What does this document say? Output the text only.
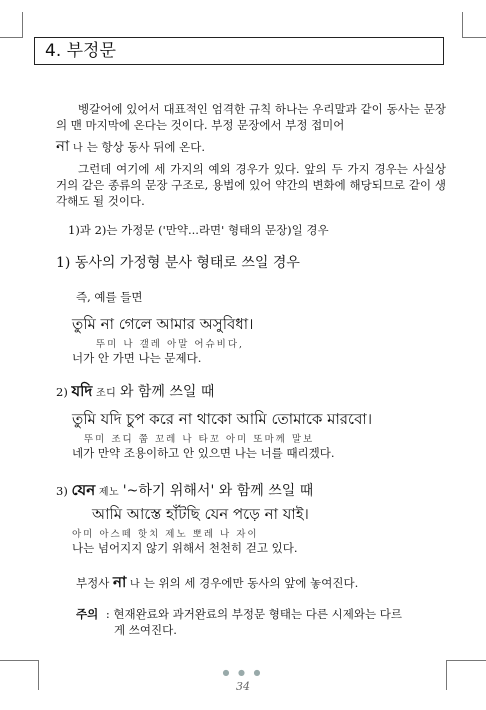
4. 부정문
벵갈어에 있어서 대표적인 엄격한 규칙 하나는 우리말과 같이 동사는 문장의 맨 마지막에 온다는 것이다. 부정 문장에서 부정 접미어
না 나 는 항상 동사 뒤에 온다.
그런데 여기에 세 가지의 예외 경우가 있다. 앞의 두 가지 경우는 사실상 거의 같은 종류의 문장 구조로, 용법에 있어 약간의 변화에 해당되므로 같이 생각해도 될 것이다.
1)과 2)는 가정문 ('만약...라면' 형태의 문장)일 경우
1) 동사의 가정형 분사 형태로 쓰일 경우
즉, 예를 들면
তুমি না গেলে আমার অসুবিধা।
뚜미 나 갤레 아말 어슈비다,
너가 안 가면 나는 문제다.
2) যদি 조디 와 함께 쓰일 때
তুমি যদি চুপ করে না থাকো আমি তোমাকে মারবো।
뚜미 조디 쭙 꼬레 나 타꼬 아미 또마께 말보
네가 만약 조용이하고 안 있으면 나는 너를 때리겠다.
3) যেন 제노 '~하기 위해서' 와 함께 쓰일 때
আমি আস্তে হাঁটছি যেন পড়ে না যাই।
아미 아스떼 핫치 제노 뽀레 나 자이
나는 넘어지지 않기 위해서 천천히 걷고 있다.
부정사 না 나 는 위의 세 경우에만 동사의 앞에 놓여진다.
주의 : 현재완료와 과거완료의 부정문 형태는 다른 시제와는 다르
게 쓰여진다.
● ● ●
34
